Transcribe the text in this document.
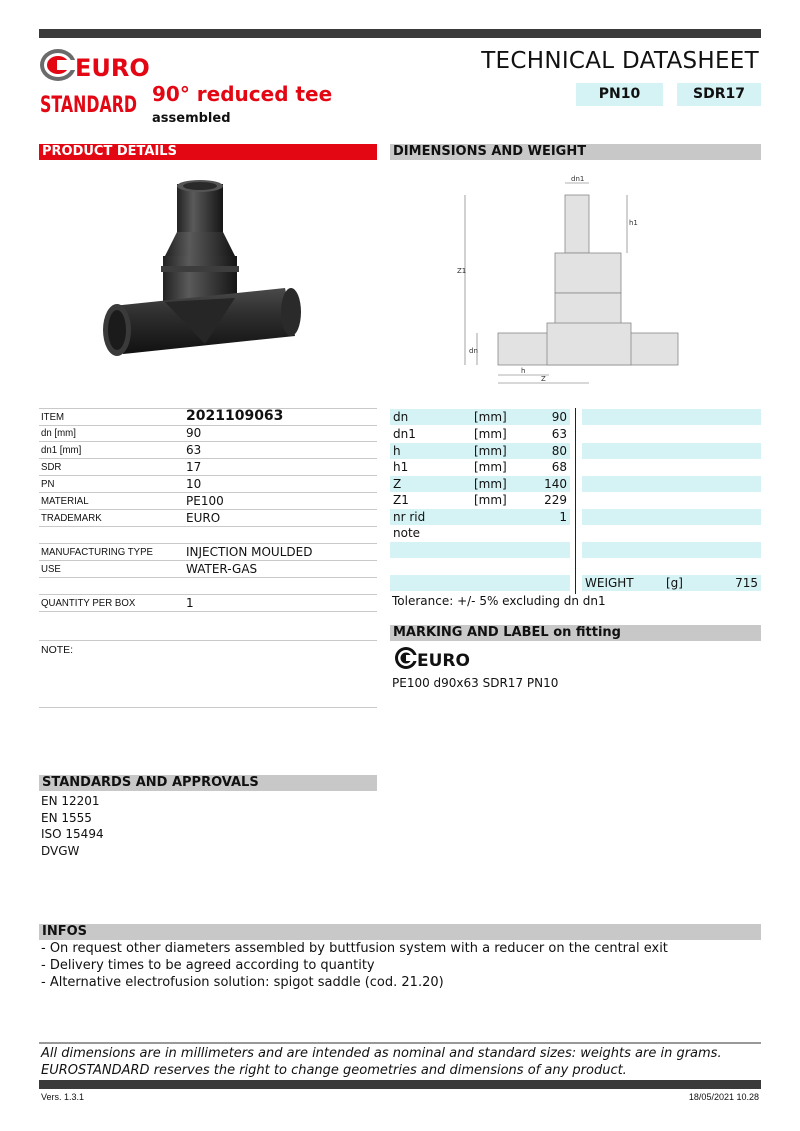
EURO
STANDARD 90° reduced tee
assembled
TECHNICAL DATASHEET
PN10	SDR17
PRODUCT DETAILS	DIMENSIONS AND WEIGHT
dn1
h1
Z1
dn
h
Z
ITEM	2021109063
dn [mm]	90
dn1 [mm]	63
SDR	17
PN	10
MATERIAL	PE100
TRADEMARK	EURO
MANUFACTURING TYPE	INJECTION MOULDED
USE	WATER-GAS
QUANTITY PER BOX	1
NOTE:
dn	[mm]	90
dn1	[mm]	63
h	[mm]	80
h1	[mm]	68
Z	[mm]	140
Z1	[mm]	229
nr rid	1
note
WEIGHT	[g]	715
Tolerance: +/- 5% excluding dn dn1
MARKING AND LABEL on fitting
EURO
PE100 d90x63 SDR17 PN10
STANDARDS AND APPROVALS
EN 12201
EN 1555
ISO 15494
DVGW
INFOS
- On request other diameters assembled by buttfusion system with a reducer on the central exit
- Delivery times to be agreed according to quantity
- Alternative electrofusion solution: spigot saddle (cod. 21.20)
All dimensions are in millimeters and are intended as nominal and standard sizes: weights are in grams.
EUROSTANDARD reserves the right to change geometries and dimensions of any product.
Vers. 1.3.1	18/05/2021 10.28
